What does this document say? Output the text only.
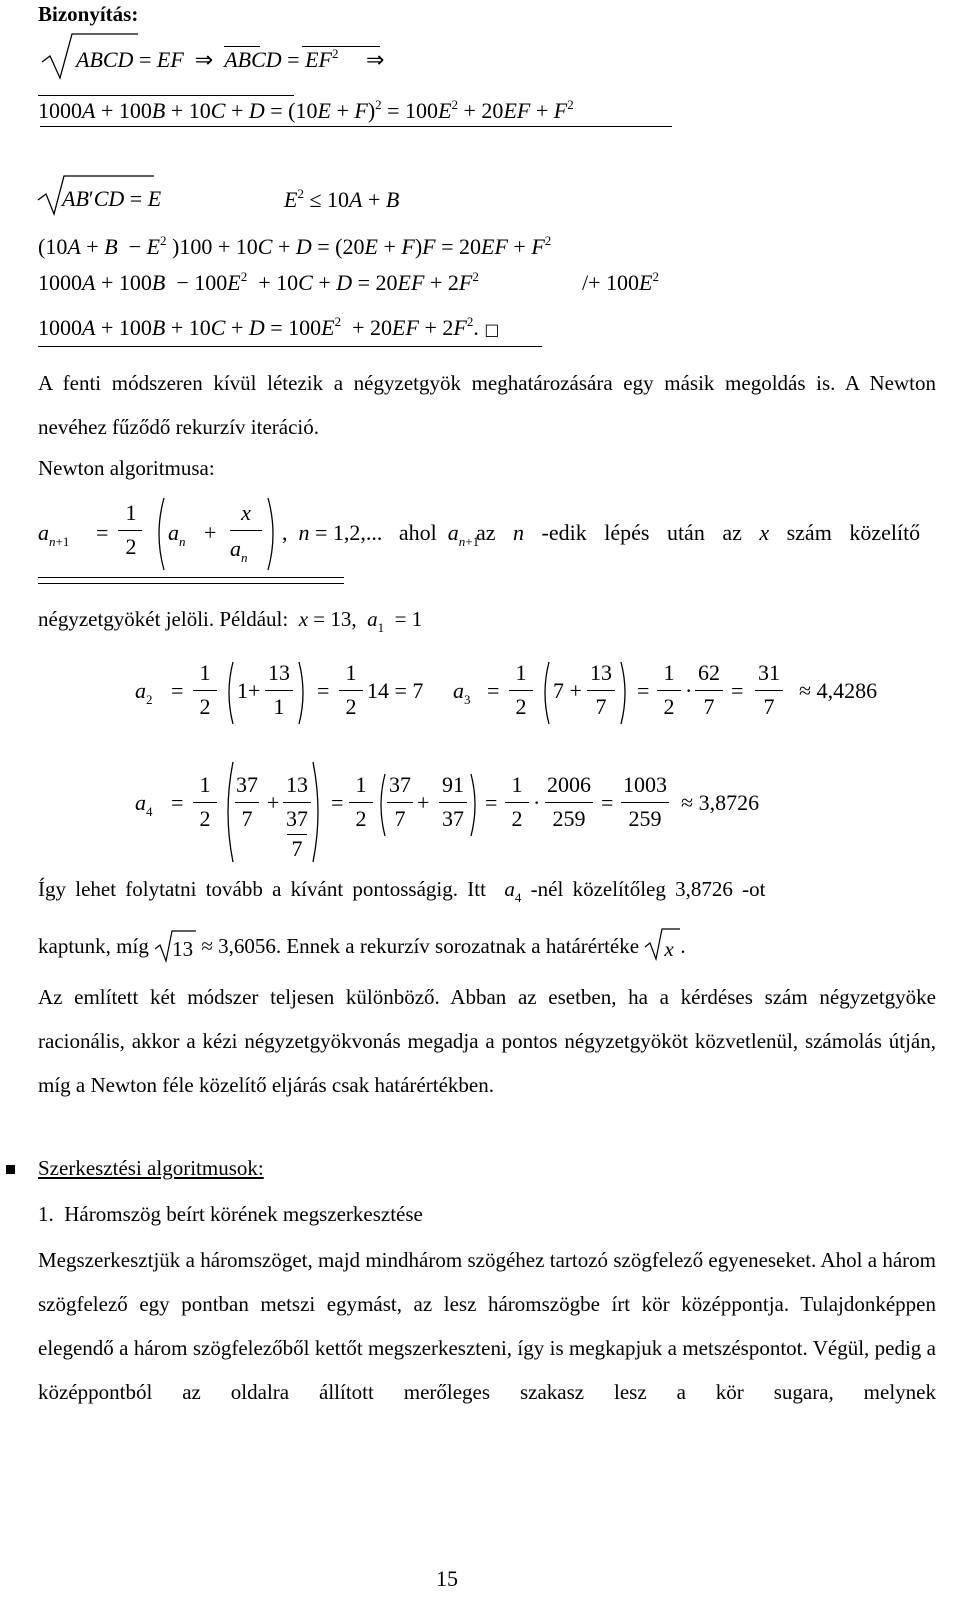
Bizonyítás:
ABCD = EF  ⇒  ABCD = $EF^2$     ⇒
$1000A + 100B + 10C + D = (10E + F)^2 = 100E^2 + 20EF + F^2$
AB′CD = E	$E^2 \le 10A + B$
($10A + B - E^2$ )$100 + 10C + D = (20E + F)F = 20EF + F^2$
$1000A + 100B - 100E^2 + 10C + D = 20EF + 2F^2$	/+ $100E^2$
$1000A + 100B + 10C + D = 100E^2 + 20EF + 2F^2$. □

A fenti módszeren kívül létezik a négyzetgyök meghatározására egy másik megoldás is. A Newton nevéhez fűződő rekurzív iteráció.

Newton algoritmusa:
$a_{n+1}$ =
1
2
$a_n$ +
x
$a_n$
,  n = 1,2,...   ahol  $a_{n+1}$
az n -edik lépés után az x szám közelítő
négyzetgyökét jelöli. Például:  x = 13,  $a_1 = 1$
$a_2$ =
1
2
1+
13
1
=
1
2
14 = 7 $a_3$ =
1
2
7 +
13
7
=
1
2
·
62
7
=
31
7
≈ 4,4286
$a_4$ =
1
2
37
7
+
13
37
7
=
1
2
37
7
+
91
37
=
1
2
·
2006
259
=
1003
259
≈ 3,8726
Így lehet folytatni tovább a kívánt pontosságig. Itt  $a_4$ -nél közelítőleg 3,8726 -ot
kaptunk, míg 13 ≈ 3,6056. Ennek a rekurzív sorozatnak a határértéke x .

Az említett két módszer teljesen különböző. Abban az esetben, ha a kérdéses szám négyzetgyöke racionális, akkor a kézi négyzetgyökvonás megadja a pontos négyzetgyököt közvetlenül, számolás útján, míg a Newton féle közelítő eljárás csak határértékben.

Szerkesztési algoritmusok:
1.  Háromszög beírt körének megszerkesztése

Megszerkesztjük a háromszöget, majd mindhárom szögéhez tartozó szögfelező egyeneseket. Ahol a három szögfelező egy pontban metszi egymást, az lesz háromszögbe írt kör középpontja. Tulajdonképpen elegendő a három szögfelezőből kettőt megszerkeszteni, így is megkapjuk a metszéspontot. Végül, pedig a középpontból az oldalra állított merőleges szakasz lesz a kör sugara, melynek

15
